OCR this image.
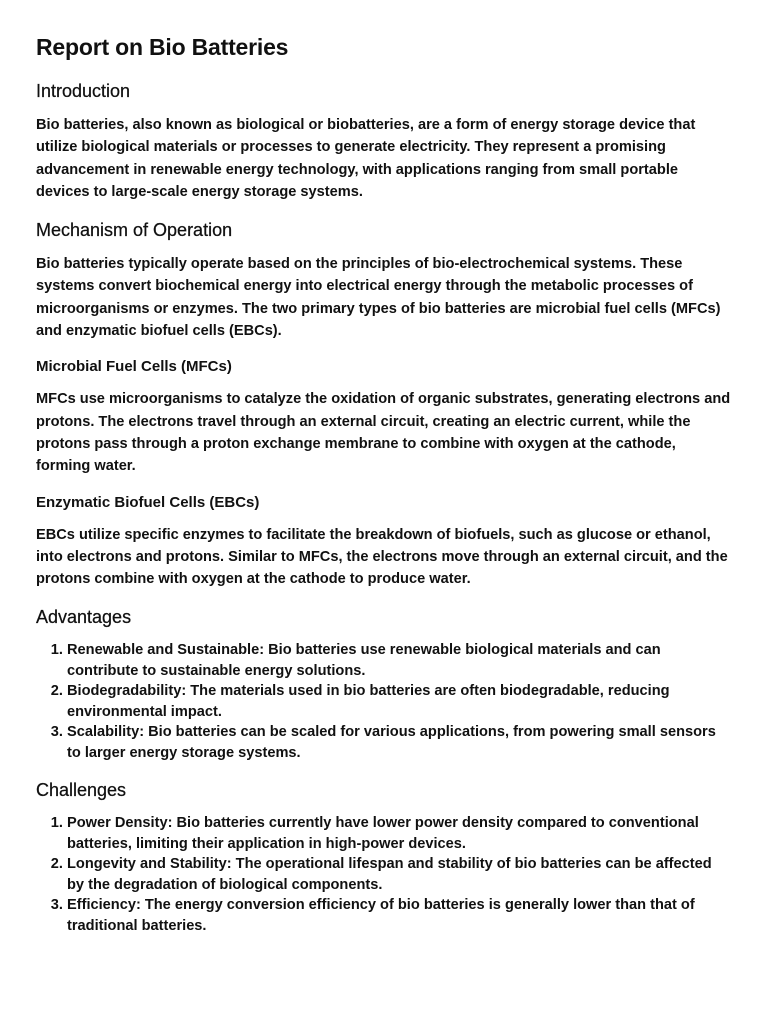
Report on Bio Batteries
Introduction

Bio batteries, also known as biological or biobatteries, are a form of energy storage device that utilize biological materials or processes to generate electricity. They represent a promising advancement in renewable energy technology, with applications ranging from small portable devices to large-scale energy storage systems.

Mechanism of Operation

Bio batteries typically operate based on the principles of bio-electrochemical systems. These systems convert biochemical energy into electrical energy through the metabolic processes of microorganisms or enzymes. The two primary types of bio batteries are microbial fuel cells (MFCs) and enzymatic biofuel cells (EBCs).

Microbial Fuel Cells (MFCs)

MFCs use microorganisms to catalyze the oxidation of organic substrates, generating electrons and protons. The electrons travel through an external circuit, creating an electric current, while the protons pass through a proton exchange membrane to combine with oxygen at the cathode, forming water.

Enzymatic Biofuel Cells (EBCs)

EBCs utilize specific enzymes to facilitate the breakdown of biofuels, such as glucose or ethanol, into electrons and protons. Similar to MFCs, the electrons move through an external circuit, and the protons combine with oxygen at the cathode to produce water.

Advantages
1. Renewable and Sustainable: Bio batteries use renewable biological materials and can contribute to sustainable energy solutions.
2. Biodegradability: The materials used in bio batteries are often biodegradable, reducing environmental impact.
3. Scalability: Bio batteries can be scaled for various applications, from powering small sensors to larger energy storage systems.
Challenges
1. Power Density: Bio batteries currently have lower power density compared to conventional batteries, limiting their application in high-power devices.
2. Longevity and Stability: The operational lifespan and stability of bio batteries can be affected by the degradation of biological components.
3. Efficiency: The energy conversion efficiency of bio batteries is generally lower than that of traditional batteries.
